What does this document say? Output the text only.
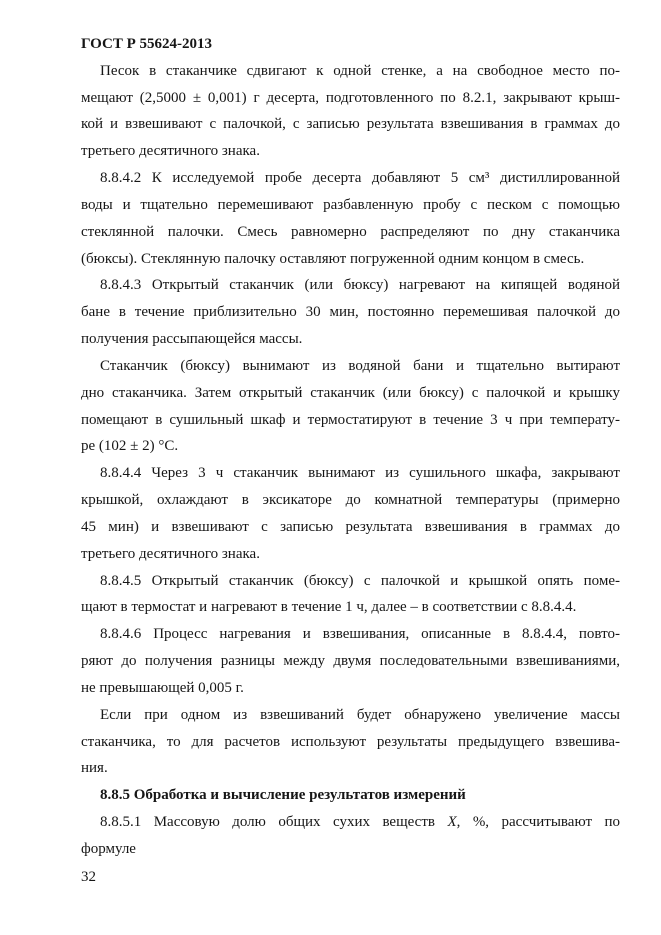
ГОСТ Р 55624-2013
Песок в стаканчике сдвигают к одной стенке, а на свободное место по-
мещают (2,5000 ± 0,001) г десерта, подготовленного по 8.2.1, закрывают крыш-
кой и взвешивают с палочкой, с записью результата взвешивания в граммах до
третьего десятичного знака.
8.8.4.2 К исследуемой пробе десерта добавляют 5 см³ дистиллированной
воды и тщательно перемешивают разбавленную пробу с песком с помощью
стеклянной палочки. Смесь равномерно распределяют по дну стаканчика
(бюксы). Стеклянную палочку оставляют погруженной одним концом в смесь.
8.8.4.3 Открытый стаканчик (или бюксу) нагревают на кипящей водяной
бане в течение приблизительно 30 мин, постоянно перемешивая палочкой до
получения рассыпающейся массы.
Стаканчик (бюксу) вынимают из водяной бани и тщательно вытирают
дно стаканчика. Затем открытый стаканчик (или бюксу) с палочкой и крышку
помещают в сушильный шкаф и термостатируют в течение 3 ч при температу-
ре (102 ± 2) °С.
8.8.4.4 Через 3 ч стаканчик вынимают из сушильного шкафа, закрывают
крышкой, охлаждают в эксикаторе до комнатной температуры (примерно
45 мин) и взвешивают с записью результата взвешивания в граммах до
третьего десятичного знака.
8.8.4.5 Открытый стаканчик (бюксу) с палочкой и крышкой опять поме-
щают в термостат и нагревают в течение 1 ч, далее – в соответствии с 8.8.4.4.
8.8.4.6 Процесс нагревания и взвешивания, описанные в 8.8.4.4, повто-
ряют до получения разницы между двумя последовательными взвешиваниями,
не превышающей 0,005 г.
Если при одном из взвешиваний будет обнаружено увеличение массы
стаканчика, то для расчетов используют результаты предыдущего взвешива-
ния.
8.8.5 Обработка и вычисление результатов измерений
8.8.5.1 Массовую долю общих сухих веществ X, %, рассчитывают по
формуле
32
